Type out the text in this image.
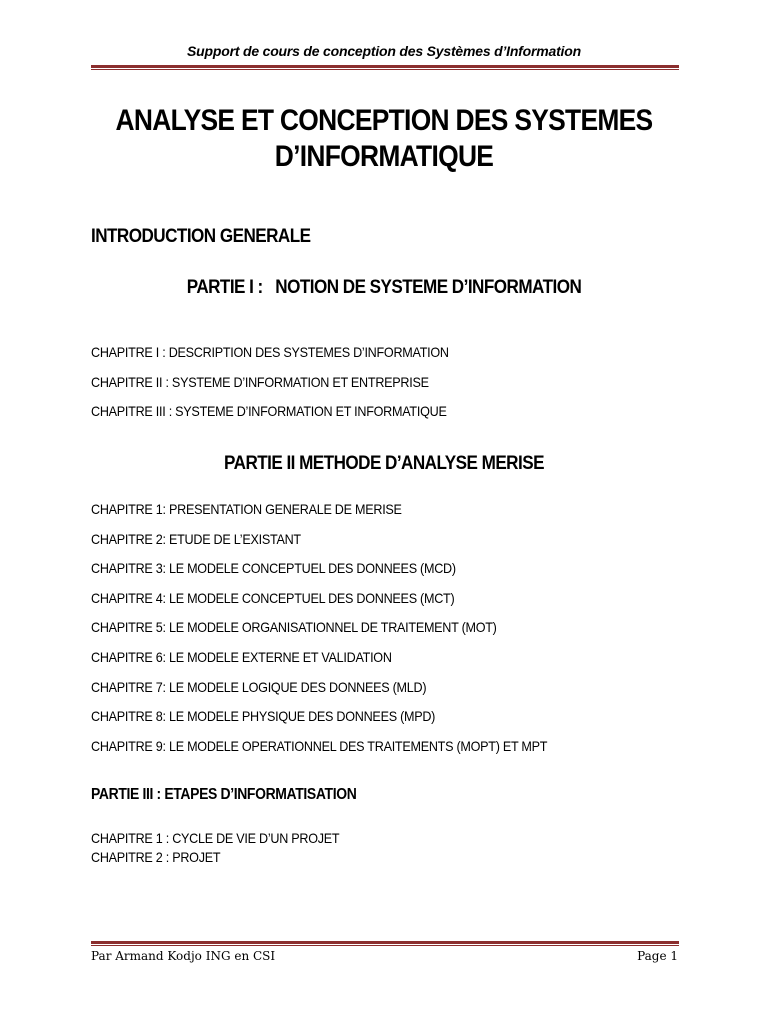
Support de cours de conception des Systèmes d’Information
ANALYSE ET CONCEPTION DES SYSTEMES
D’INFORMATIQUE
INTRODUCTION GENERALE
PARTIE I : NOTION DE SYSTEME D’INFORMATION
CHAPITRE I : DESCRIPTION DES SYSTEMES D’INFORMATION
CHAPITRE II : SYSTEME D’INFORMATION ET ENTREPRISE
CHAPITRE III : SYSTEME D’INFORMATION ET INFORMATIQUE
PARTIE II METHODE D’ANALYSE MERISE
CHAPITRE 1: PRESENTATION GENERALE DE MERISE
CHAPITRE 2: ETUDE DE L’EXISTANT
CHAPITRE 3: LE MODELE CONCEPTUEL DES DONNEES (MCD)
CHAPITRE 4: LE MODELE CONCEPTUEL DES DONNEES (MCT)
CHAPITRE 5: LE MODELE ORGANISATIONNEL DE TRAITEMENT (MOT)
CHAPITRE 6: LE MODELE EXTERNE ET VALIDATION
CHAPITRE 7: LE MODELE LOGIQUE DES DONNEES (MLD)
CHAPITRE 8: LE MODELE PHYSIQUE DES DONNEES (MPD)
CHAPITRE 9: LE MODELE OPERATIONNEL DES TRAITEMENTS (MOPT) ET MPT
PARTIE III : ETAPES D’INFORMATISATION
CHAPITRE 1 : CYCLE DE VIE D’UN PROJET
CHAPITRE 2 : PROJET
Par Armand Kodjo ING en CSI	Page 1
